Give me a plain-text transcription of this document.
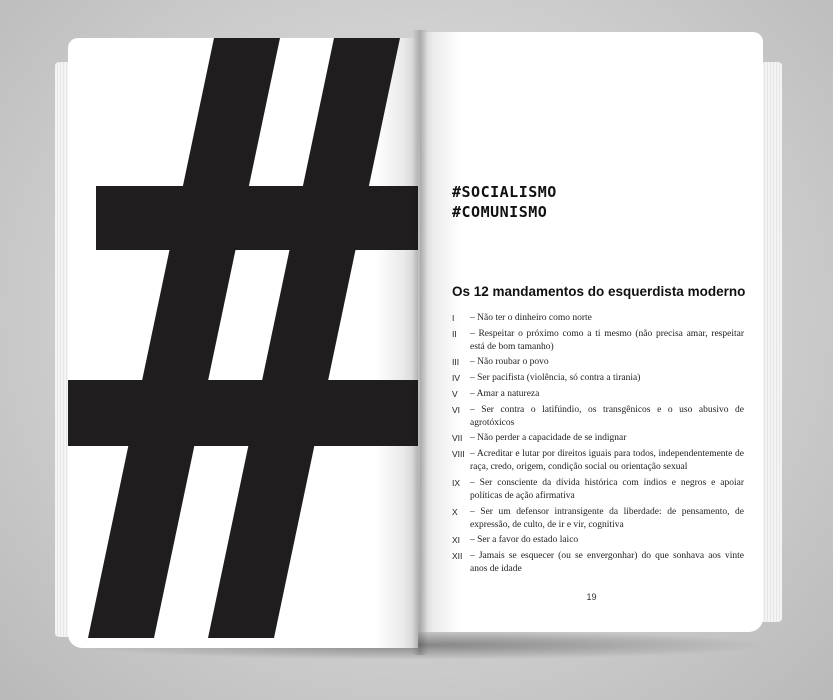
#SOCIALISMO
#COMUNISMO
Os 12 mandamentos do esquerdista moderno
I	– Não ter o dinheiro como norte
II	– Respeitar o próximo como a ti mesmo (não precisa amar, respeitar está de bom tamanho)
III	– Não roubar o povo
IV	– Ser pacifista (violência, só contra a tirania)
V	– Amar a natureza
VI	– Ser contra o latifúndio, os transgênicos e o uso abusivo de agrotóxicos
VII – Não perder a capacidade de se indignar
VIII – Acreditar e lutar por direitos iguais para todos, independentemente de raça, credo, origem, condição social ou orientação sexual
IX	– Ser consciente da dívida histórica com índios e negros e apoiar políticas de ação afirmativa
X	– Ser um defensor intransigente da liberdade: de pensamento, de expressão, de culto, de ir e vir, cognitiva
XI	– Ser a favor do estado laico
XII – Jamais se esquecer (ou se envergonhar) do que sonhava aos vinte anos de idade
19
